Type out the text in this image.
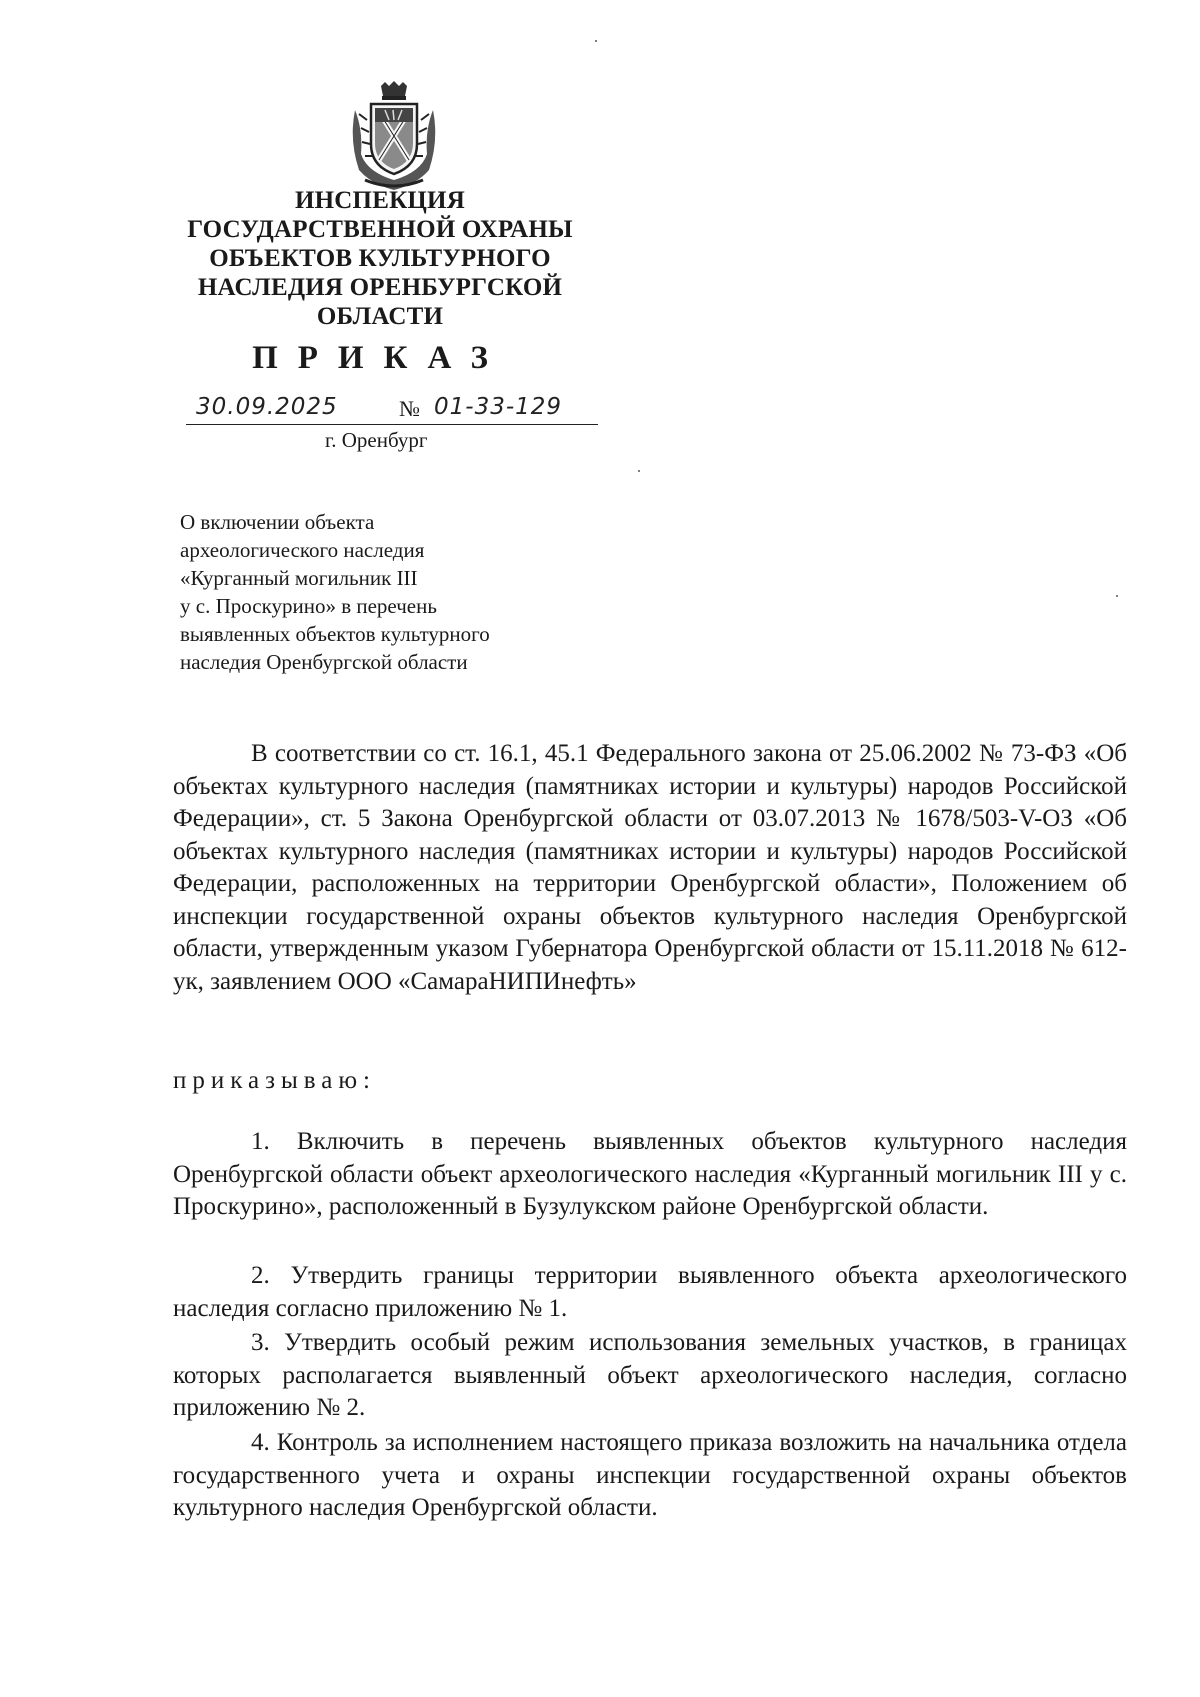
ИНСПЕКЦИЯ
ГОСУДАРСТВЕННОЙ ОХРАНЫ
ОБЪЕКТОВ КУЛЬТУРНОГО
НАСЛЕДИЯ ОРЕНБУРГСКОЙ
ОБЛАСТИ
ПРИКАЗ
30.09.2025	№ 01-33-129
г. Оренбург
О включении объекта
археологического наследия
«Курганный могильник III
у с. Проскурино» в перечень
выявленных объектов культурного
наследия Оренбургской области
В соответствии со ст. 16.1, 45.1 Федерального закона от 25.06.2002 № 73-ФЗ «Об объектах культурного наследия (памятниках истории и культуры) народов Российской Федерации», ст. 5 Закона Оренбургской области от 03.07.2013 № 1678/503-V-ОЗ «Об объектах культурного наследия (памятниках истории и культуры) народов Российской Федерации, расположенных на территории Оренбургской области», Положением об инспекции государственной охраны объектов культурного наследия Оренбургской области, утвержденным указом Губернатора Оренбургской области от 15.11.2018 № 612-ук, заявлением ООО «СамараНИПИнефть»
приказываю:
1. Включить в перечень выявленных объектов культурного наследия Оренбургской области объект археологического наследия «Курганный могильник III у с. Проскурино», расположенный в Бузулукском районе Оренбургской области.
2. Утвердить границы территории выявленного объекта археологического наследия согласно приложению № 1.
3. Утвердить особый режим использования земельных участков, в границах которых располагается выявленный объект археологического наследия, согласно приложению № 2.
4. Контроль за исполнением настоящего приказа возложить на начальника отдела государственного учета и охраны инспекции государственной охраны объектов культурного наследия Оренбургской области.
